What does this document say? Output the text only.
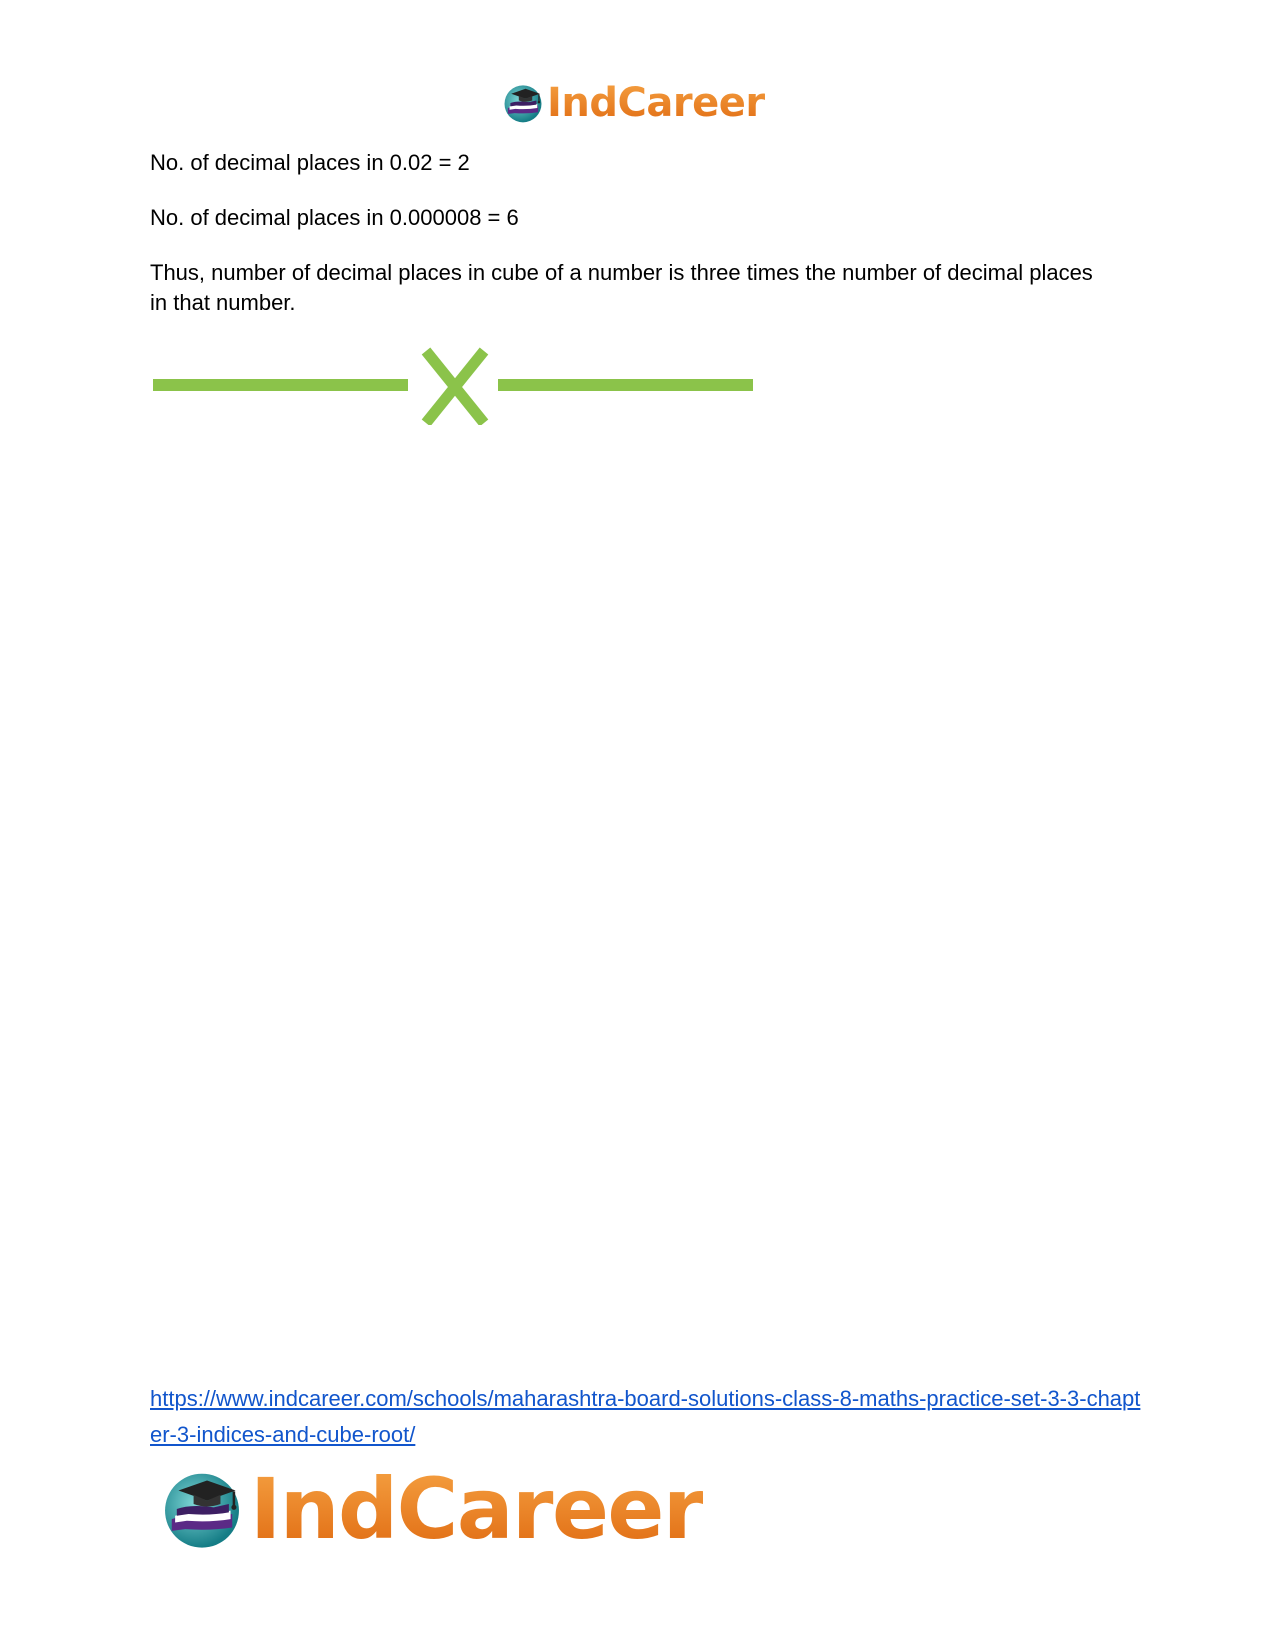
IndCareer

No. of decimal places in 0.02 = 2

No. of decimal places in 0.000008 = 6

Thus, number of decimal places in cube of a number is three times the number of decimal places in that number.

https://www.indcareer.com/schools/maharashtra-board-solutions-class-8-maths-practice-set-3-3-chapter-3-indices-and-cube-root/
IndCareer
